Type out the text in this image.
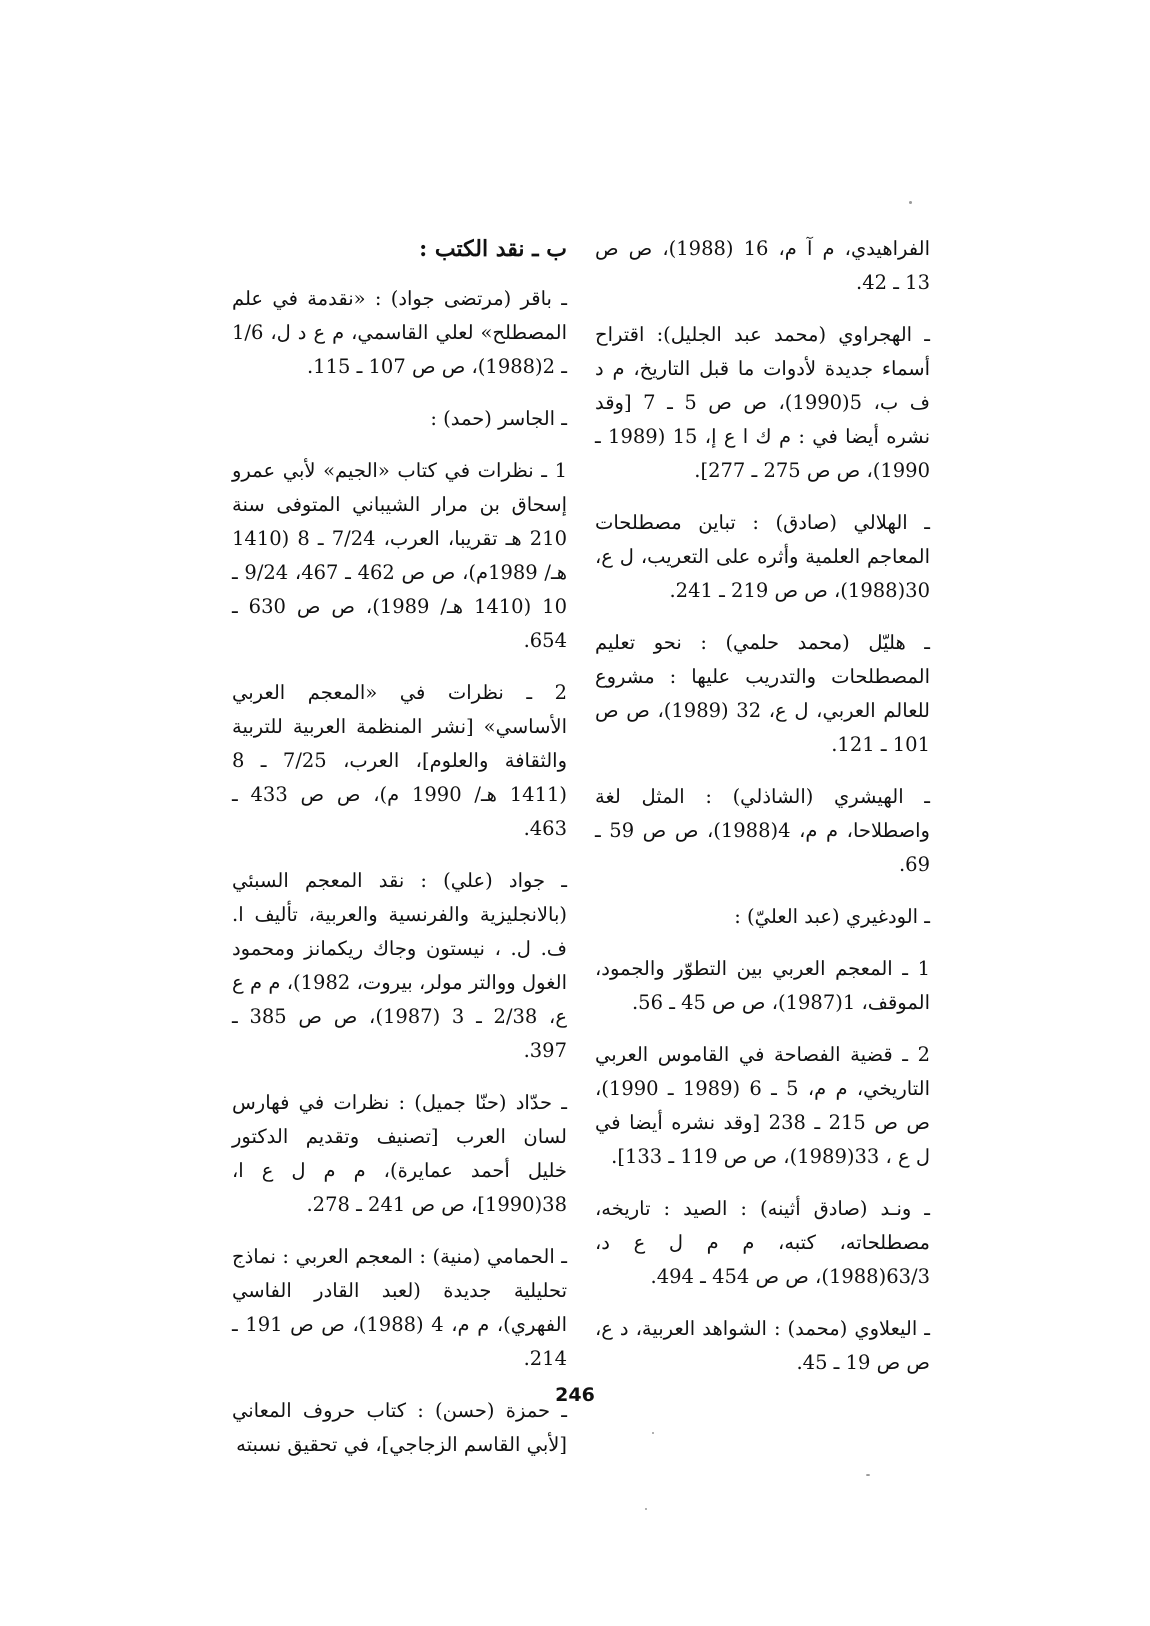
الفراهيدي، م آ م، 16 (1988)، ص ص 13 ـ 42.

ـ الهجراوي (محمد عبد الجليل): اقتراح أسماء جديدة لأدوات ما قبل التاريخ، م د ف ب، 5(1990)، ص ص 5 ـ 7 [وقد نشره أيضا في : م ك ا ع إ، 15 (1989 ـ 1990)، ص ص 275 ـ 277].

ـ الهلالي (صادق) : تباين مصطلحات المعاجم العلمية وأثره على التعريب، ل ع، 30(1988)، ص ص 219 ـ 241.

ـ هليّل (محمد حلمي) : نحو تعليم المصطلحات والتدريب عليها : مشروع للعالم العربي، ل ع، 32 (1989)، ص ص 101 ـ 121.

ـ الهيشري (الشاذلي) : المثل لغة واصطلاحا، م م، 4(1988)، ص ص 59 ـ 69.

ـ الودغيري (عبد العليّ) :

1 ـ المعجم العربي بين التطوّر والجمود، الموقف، 1(1987)، ص ص 45 ـ 56.

2 ـ قضية الفصاحة في القاموس العربي التاريخي، م م، 5 ـ 6 (1989 ـ 1990)، ص ص 215 ـ 238 [وقد نشره أيضا في ل ع ، 33(1989)، ص ص 119 ـ 133].

ـ ونـد (صادق أثينه) : الصيد : تاريخه، مصطلحاته، كتبه، م م ل ع د، 63/3(1988)، ص ص 454 ـ 494.

ـ اليعلاوي (محمد) : الشواهد العربية، د ع، ص ص 19 ـ 45.

ب ـ نقد الكتب :

ـ باقر (مرتضى جواد) : «نقدمة في علم المصطلح» لعلي القاسمي، م ع د ل، 1/6 ـ 2(1988)، ص ص 107 ـ 115.

ـ الجاسر (حمد) :

1 ـ نظرات في كتاب «الجيم» لأبي عمرو إسحاق بن مرار الشيباني المتوفى سنة 210 هـ تقريبا، العرب، 7/24 ـ 8 (1410 هـ/ 1989م)، ص ص 462 ـ 467، 9/24 ـ 10 (1410 هـ/ 1989)، ص ص 630 ـ 654.

2 ـ نظرات في «المعجم العربي الأساسي» [نشر المنظمة العربية للتربية والثقافة والعلوم]، العرب، 7/25 ـ 8 (1411 هـ/ 1990 م)، ص ص 433 ـ 463.

ـ جواد (علي) : نقد المعجم السبئي (بالانجليزية والفرنسية والعربية، تأليف ا. ف. ل. ، نيستون وجاك ريكمانز ومحمود الغول ووالتر مولر، بيروت، 1982)، م م ع ع، 2/38 ـ 3 (1987)، ص ص 385 ـ 397.

ـ حدّاد (حنّا جميل) : نظرات في فهارس لسان العرب [تصنيف وتقديم الدكتور خليل أحمد عمايرة)، م م ل ع ا، 38(1990]، ص ص 241 ـ 278.

ـ الحمامي (منية) : المعجم العربي : نماذج تحليلية جديدة (لعبد القادر الفاسي الفهري)، م م، 4 (1988)، ص ص 191 ـ 214.

ـ حمزة (حسن) : كتاب حروف المعاني [لأبي القاسم الزجاجي]، في تحقيق نسبته

246
